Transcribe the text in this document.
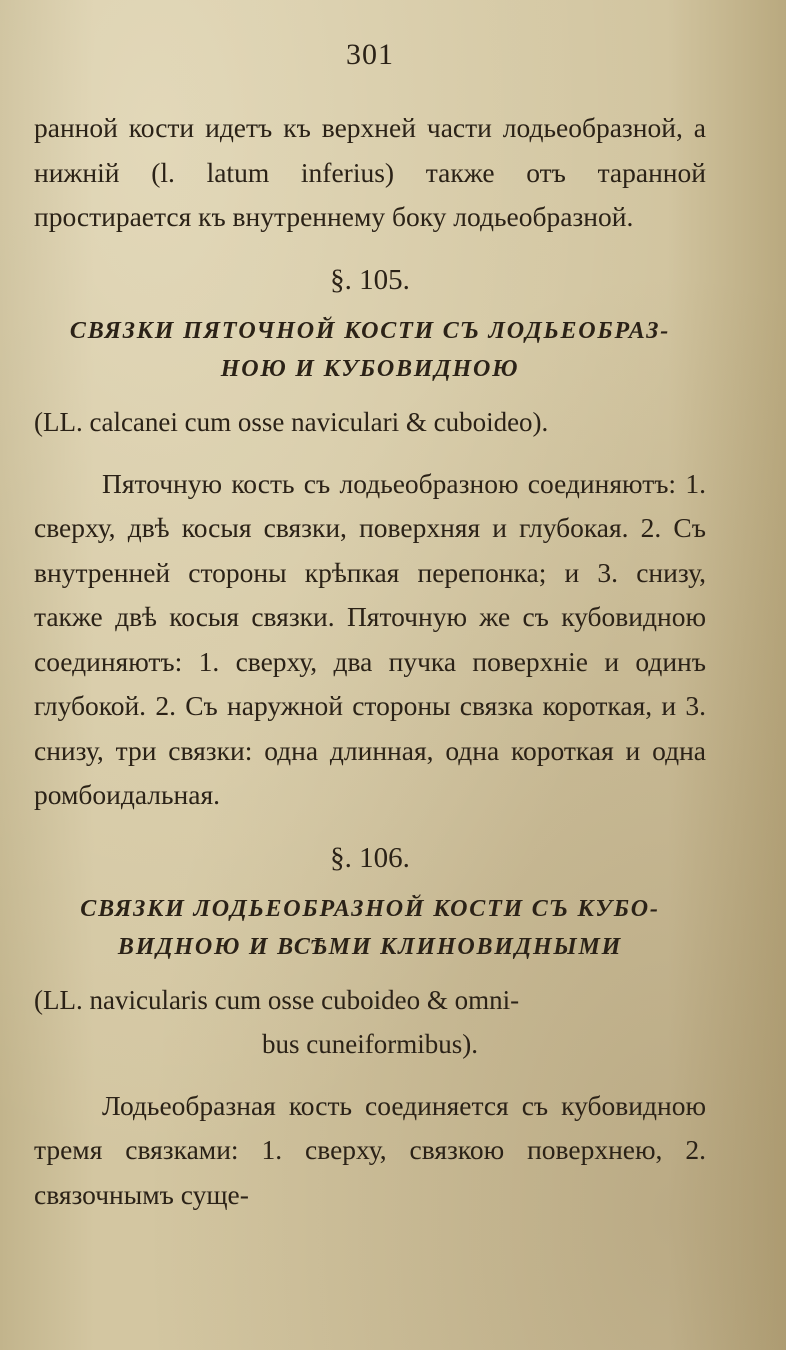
301

ранной кости идетъ къ верхней части лодьеобразной, а нижній (l. latum inferius) также отъ таранной простирается къ внутреннему боку лодьеобразной.

§. 105.
СВЯЗКИ ПЯТОЧНОЙ КОСТИ СЪ ЛОДЬЕОБРАЗ-
НОЮ И КУБОВИДНОЮ
(LL. calcanei cum osse naviculari & cuboideo).

Пяточную кость съ лодьеобразною соединяютъ: 1. сверху, двѣ косыя связки, поверхняя и глубокая. 2. Съ внутренней стороны крѣпкая перепонка; и 3. снизу, также двѣ косыя связки. Пяточную же съ кубовидною соединяютъ: 1. сверху, два пучка поверхніе и одинъ глубокой. 2. Съ наружной стороны связка короткая, и 3. снизу, три связки: одна длинная, одна короткая и одна ромбоидальная.

§. 106.
СВЯЗКИ ЛОДЬЕОБРАЗНОЙ КОСТИ СЪ КУБО-
ВИДНОЮ И ВСѢМИ КЛИНОВИДНЫМИ
(LL. navicularis cum osse cuboideo & omni-
bus cuneiformibus).

Лодьеобразная кость соединяется съ кубовидною тремя связками: 1. сверху, связкою поверхнею, 2. связочнымъ суще-
